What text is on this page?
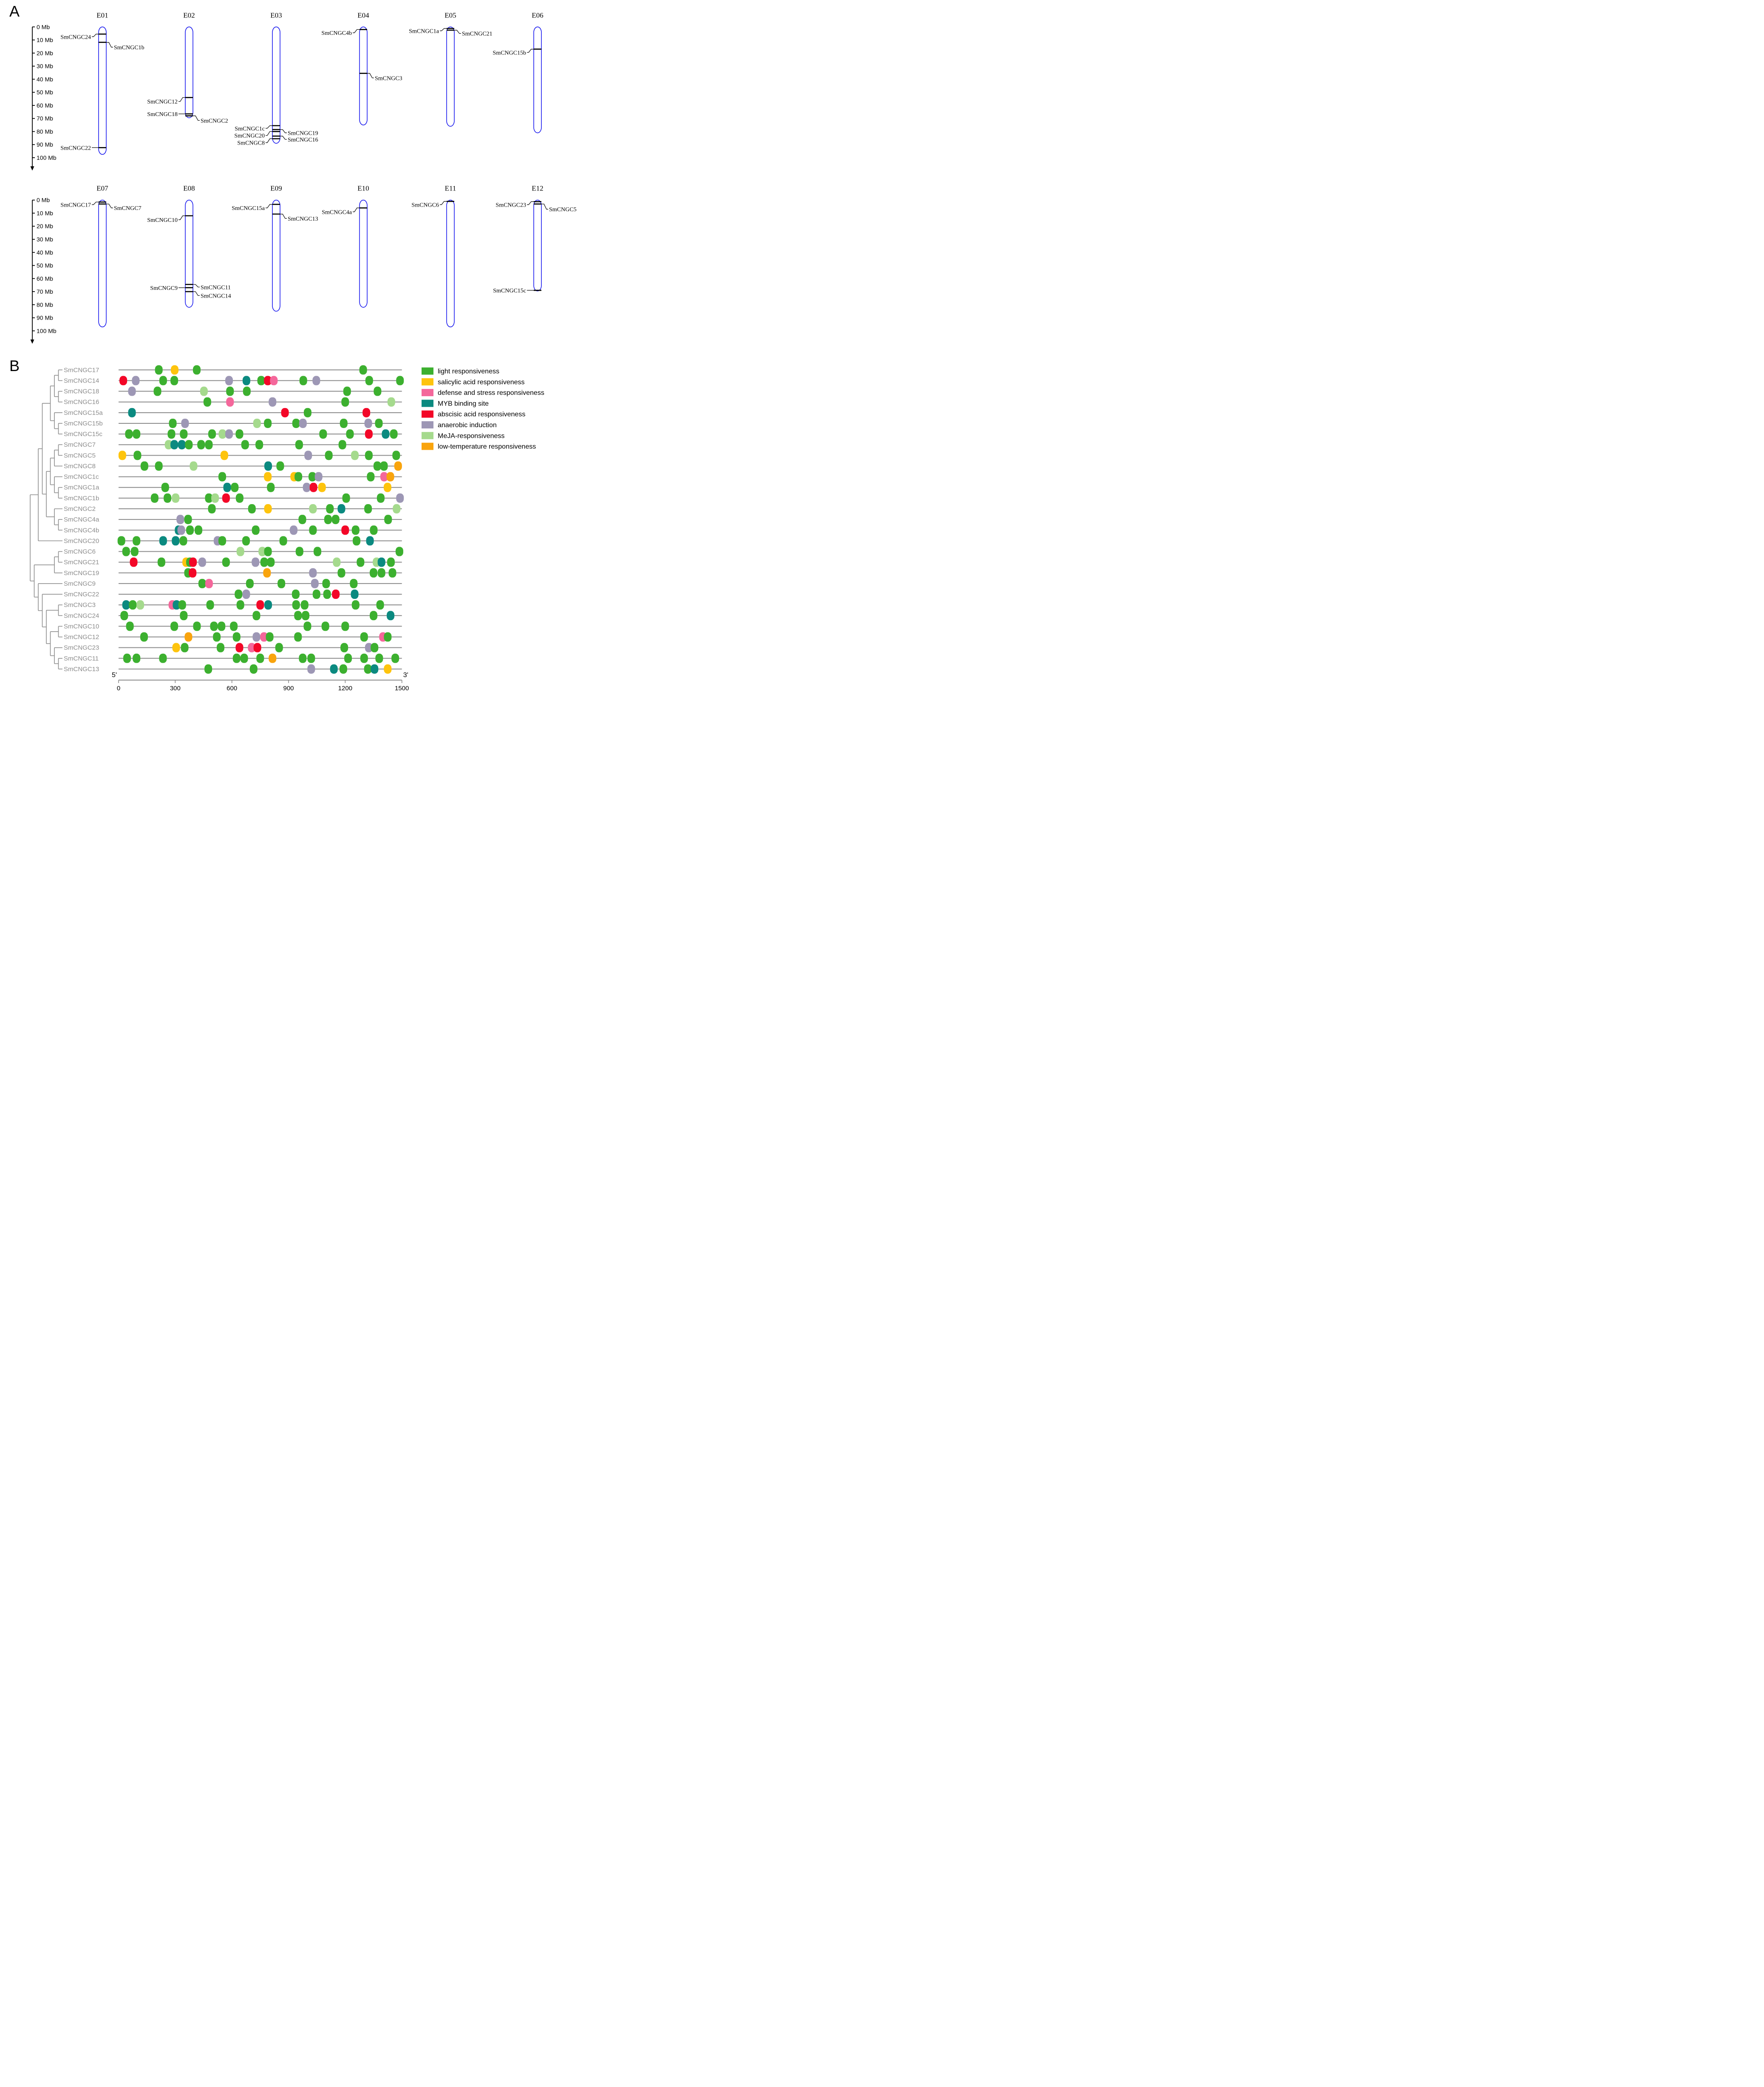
A
B
0 Mb
10 Mb
20 Mb
30 Mb
40 Mb
50 Mb
60 Mb
70 Mb
80 Mb
90 Mb
100 Mb
E01
SmCNGC24
SmCNGC1b
SmCNGC22
E02
SmCNGC12
SmCNGC18
SmCNGC2
E03
SmCNGC1c
SmCNGC19
SmCNGC20
SmCNGC16
SmCNGC8
E04
SmCNGC4b
SmCNGC3
E05
SmCNGC1a	SmCNGC21
E06
SmCNGC15b
0 Mb
10 Mb
20 Mb
30 Mb
40 Mb
50 Mb
60 Mb
70 Mb
80 Mb
90 Mb
100 Mb
E07
SmCNGC17
SmCNGC7
E08
SmCNGC10
SmCNGC11
SmCNGC9
SmCNGC14
E09
SmCNGC15a
SmCNGC13
E10
SmCNGC4a
E11
SmCNGC6
E12
SmCNGC23
SmCNGC5
SmCNGC15c
SmCNGC17
SmCNGC14
SmCNGC18
SmCNGC16
SmCNGC15a
SmCNGC15b
SmCNGC15c
SmCNGC7
SmCNGC5
SmCNGC8
SmCNGC1c
SmCNGC1a
SmCNGC1b
SmCNGC2
SmCNGC4a
SmCNGC4b
SmCNGC20
SmCNGC6
SmCNGC21
SmCNGC19
SmCNGC9
SmCNGC22
SmCNGC3
SmCNGC24
SmCNGC10
SmCNGC12
SmCNGC23
SmCNGC11
SmCNGC13
light responsiveness
salicylic acid responsiveness
defense and stress responsiveness
MYB binding site
abscisic acid responsiveness
anaerobic induction
MeJA-responsiveness
low-temperature responsiveness
0	300	600	900	1200	1500
5'	3'
